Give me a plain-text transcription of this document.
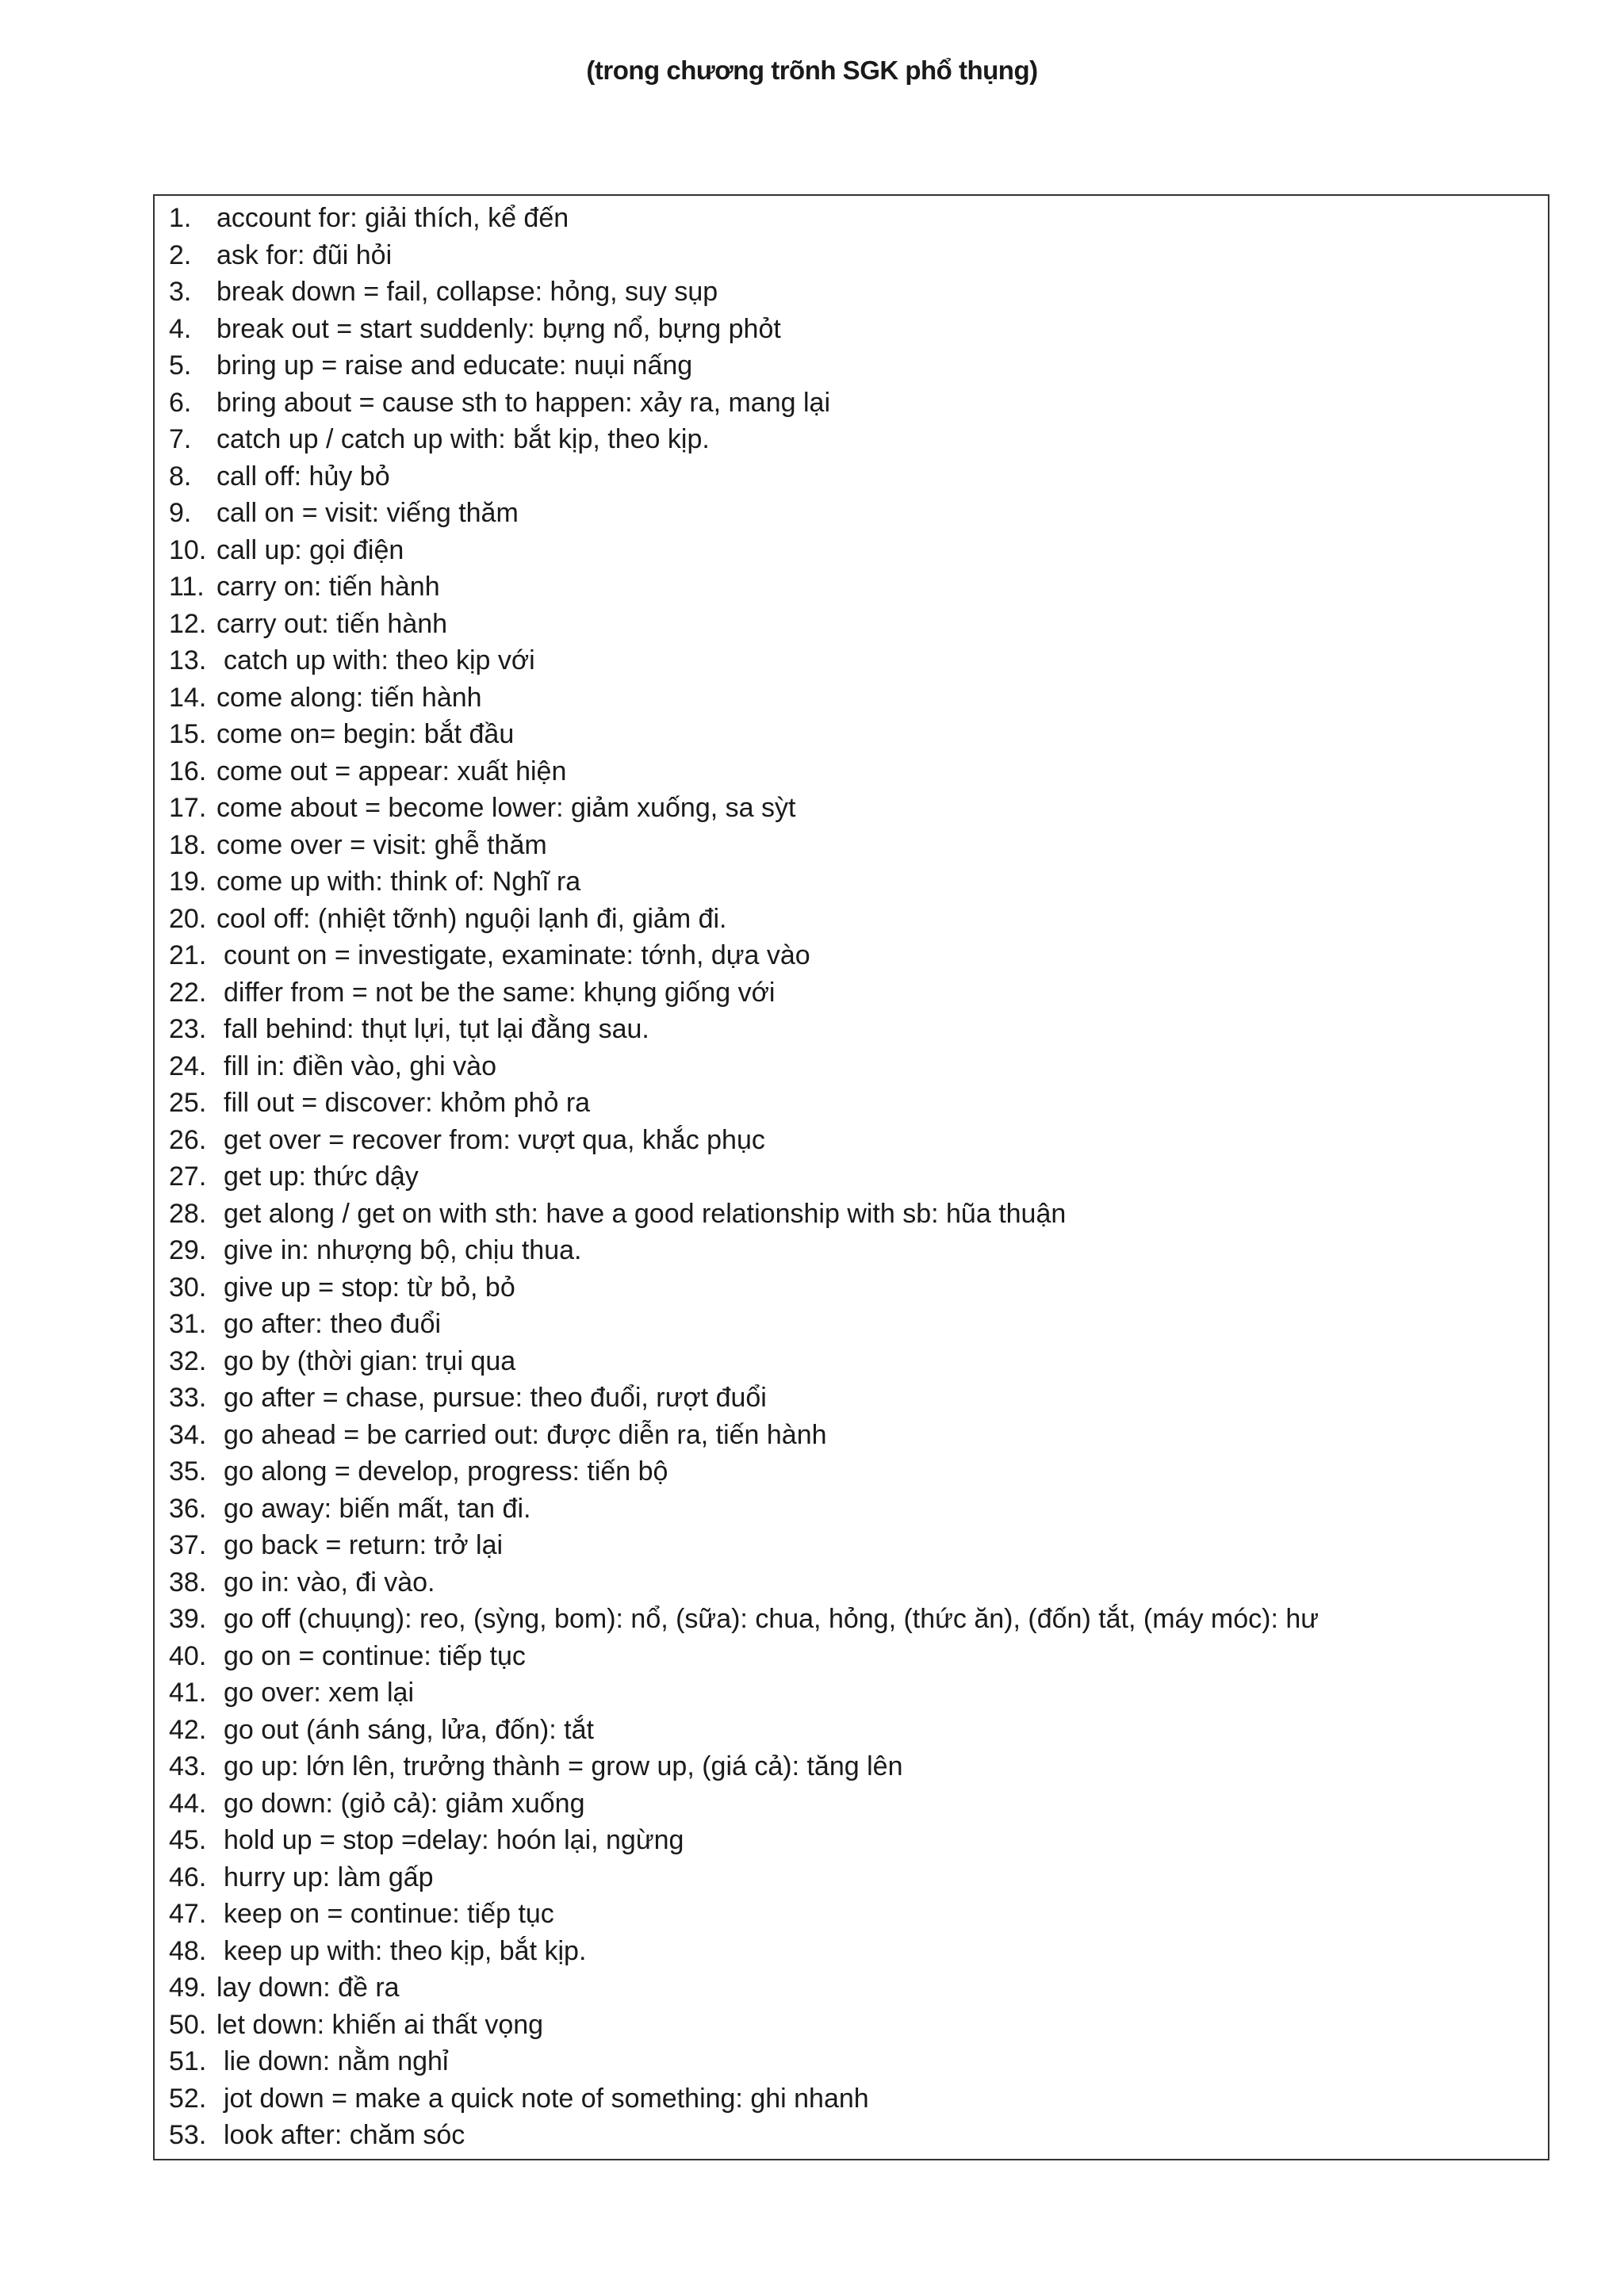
(trong chương trõnh SGK phổ thụng)
1. account for: giải thích, kể đến
2. ask for: đũi hỏi
3. break down = fail, collapse: hỏng, suy sụp
4. break out = start suddenly: bựng nổ, bựng phỏt
5. bring up = raise and educate: nuụi nấng
6. bring about = cause sth to happen: xảy ra, mang lại
7. catch up / catch up with: bắt kịp, theo kịp.
8. call off: hủy bỏ
9. call on = visit: viếng thăm
10. call up: gọi điện
11. carry on: tiến hành
12. carry out: tiến hành
13. catch up with: theo kịp với
14. come along: tiến hành
15. come on= begin: bắt đầu
16. come out = appear: xuất hiện
17. come about = become lower: giảm xuống, sa sỳt
18. come over = visit: ghễ thăm
19. come up with: think of: Nghĩ ra
20. cool off: (nhiệt tỡnh) nguội lạnh đi, giảm đi.
21. count on = investigate, examinate: tớnh, dựa vào
22. differ from = not be the same: khụng giống với
23. fall behind: thụt lựi, tụt lại đằng sau.
24. fill in: điền vào, ghi vào
25. fill out = discover: khỏm phỏ ra
26. get over = recover from: vượt qua, khắc phục
27. get up: thức dậy
28. get along / get on with sth: have a good relationship with sb: hũa thuận
29. give in: nhượng bộ, chịu thua.
30. give up = stop: từ bỏ, bỏ
31. go after: theo đuổi
32. go by (thời gian: trụi qua
33. go after = chase, pursue: theo đuổi, rượt đuổi
34. go ahead = be carried out: được diễn ra, tiến hành
35. go along = develop, progress: tiến bộ
36. go away: biến mất, tan đi.
37. go back = return: trở lại
38. go in: vào, đi vào.
39. go off (chuụng): reo, (sỳng, bom): nổ, (sữa): chua, hỏng, (thức ăn), (đốn) tắt, (máy móc): hư
40. go on = continue: tiếp tục
41. go over: xem lại
42. go out (ánh sáng, lửa, đốn): tắt
43. go up: lớn lên, trưởng thành = grow up, (giá cả): tăng lên
44. go down: (giỏ cả): giảm xuống
45. hold up = stop =delay: hoón lại, ngừng
46. hurry up: làm gấp
47. keep on = continue: tiếp tục
48. keep up with: theo kịp, bắt kịp.
49. lay down: đề ra
50. let down: khiến ai thất vọng
51. lie down: nằm nghỉ
52. jot down = make a quick note of something: ghi nhanh
53. look after: chăm sóc
